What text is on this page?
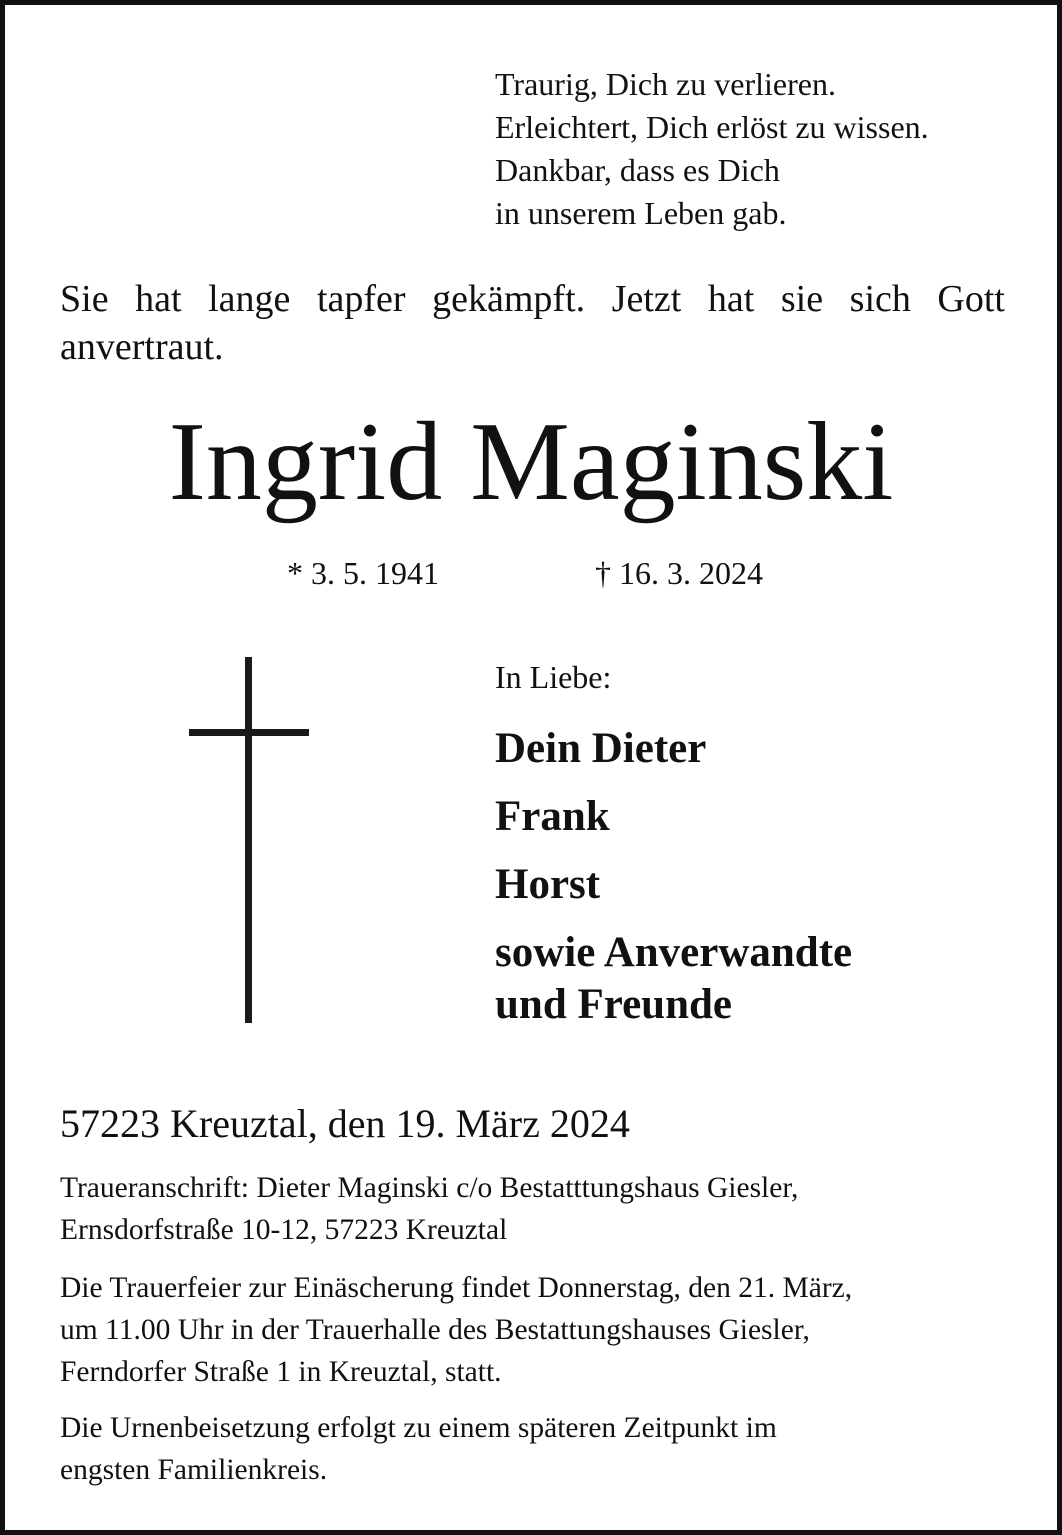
Traurig, Dich zu verlieren.
Erleichtert, Dich erlöst zu wissen.
Dankbar, dass es Dich
in unserem Leben gab.
Sie hat lange tapfer gekämpft. Jetzt hat sie sich Gott anvertraut.
Ingrid Maginski
* 3. 5. 1941	† 16. 3. 2024
In Liebe:
Dein Dieter
Frank
Horst
sowie Anverwandte
und Freunde
57223 Kreuztal, den 19. März 2024
Traueranschrift: Dieter Maginski c/o Bestatttungshaus Giesler,
Ernsdorfstraße 10-12, 57223 Kreuztal
Die Trauerfeier zur Einäscherung findet Donnerstag, den 21. März,
um 11.00 Uhr in der Trauerhalle des Bestattungshauses Giesler,
Ferndorfer Straße 1 in Kreuztal, statt.
Die Urnenbeisetzung erfolgt zu einem späteren Zeitpunkt im
engsten Familienkreis.
